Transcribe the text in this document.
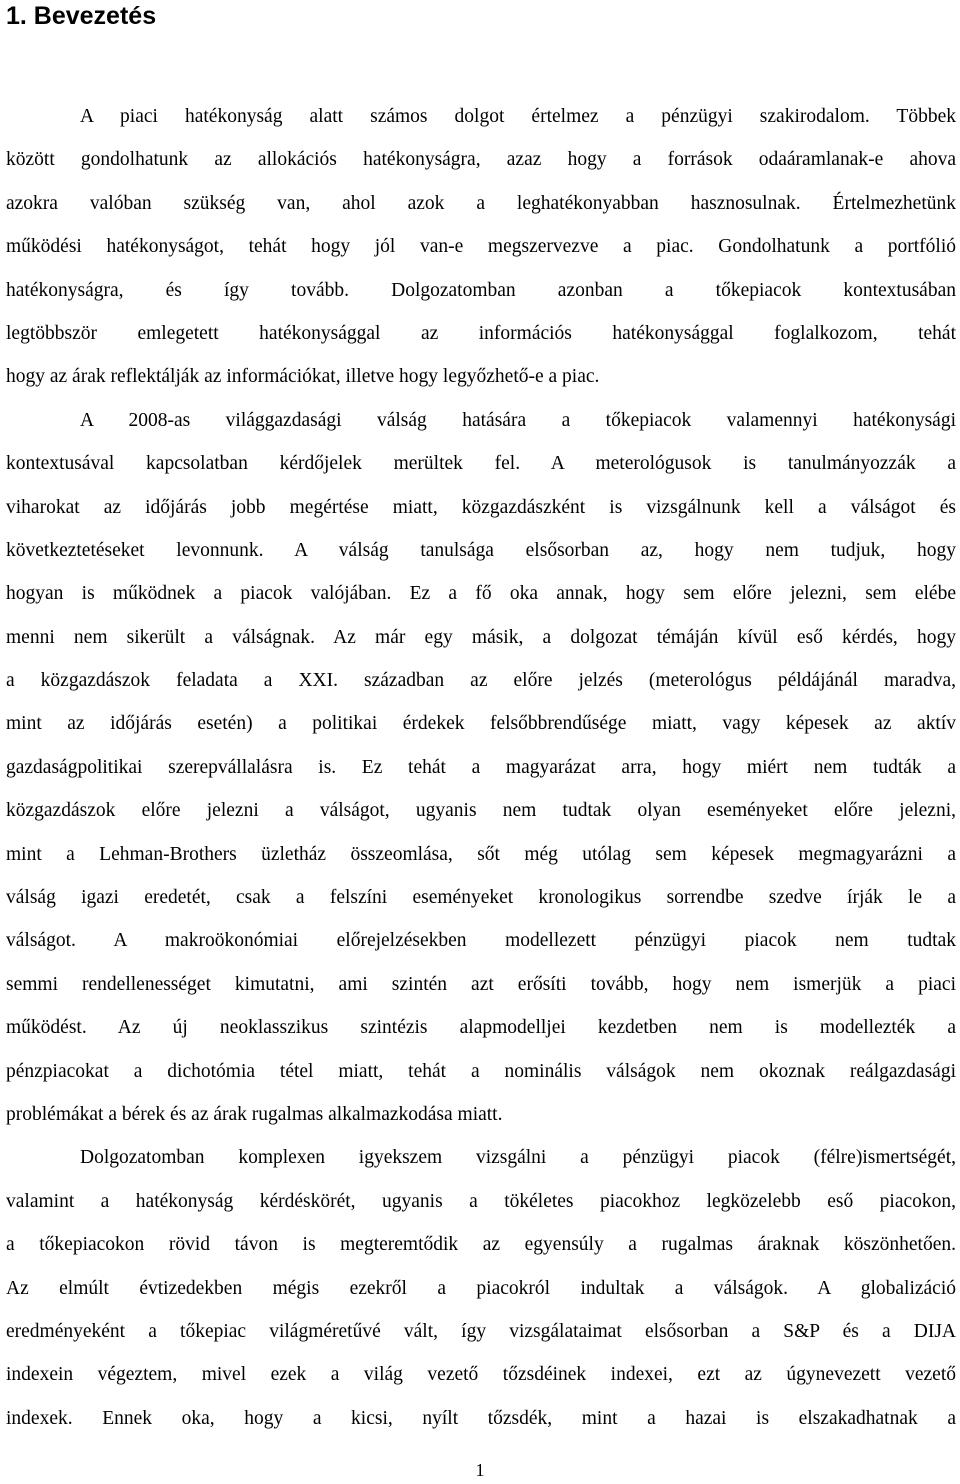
1. Bevezetés
A piaci hatékonyság alatt számos dolgot értelmez a pénzügyi szakirodalom. Többek
között gondolhatunk az allokációs hatékonyságra, azaz hogy a források odaáramlanak-e ahova
azokra valóban szükség van, ahol azok a leghatékonyabban hasznosulnak. Értelmezhetünk
működési hatékonyságot, tehát hogy jól van-e megszervezve a piac. Gondolhatunk a portfólió
hatékonyságra, és így tovább. Dolgozatomban azonban a tőkepiacok kontextusában
legtöbbször emlegetett hatékonysággal az információs hatékonysággal foglalkozom, tehát
hogy az árak reflektálják az információkat, illetve hogy legyőzhető-e a piac.
A 2008-as világgazdasági válság hatására a tőkepiacok valamennyi hatékonysági
kontextusával kapcsolatban kérdőjelek merültek fel. A meterológusok is tanulmányozzák a
viharokat az időjárás jobb megértése miatt, közgazdászként is vizsgálnunk kell a válságot és
következtetéseket levonnunk. A válság tanulsága elsősorban az, hogy nem tudjuk, hogy
hogyan is működnek a piacok valójában. Ez a fő oka annak, hogy sem előre jelezni, sem elébe
menni nem sikerült a válságnak. Az már egy másik, a dolgozat témáján kívül eső kérdés, hogy
a közgazdászok feladata a XXI. században az előre jelzés (meterológus példájánál maradva,
mint az időjárás esetén) a politikai érdekek felsőbbrendűsége miatt, vagy képesek az aktív
gazdaságpolitikai szerepvállalásra is. Ez tehát a magyarázat arra, hogy miért nem tudták a
közgazdászok előre jelezni a válságot, ugyanis nem tudtak olyan eseményeket előre jelezni,
mint a Lehman-Brothers üzletház összeomlása, sőt még utólag sem képesek megmagyarázni a
válság igazi eredetét, csak a felszíni eseményeket kronologikus sorrendbe szedve írják le a
válságot. A makroökonómiai előrejelzésekben modellezett pénzügyi piacok nem tudtak
semmi rendellenességet kimutatni, ami szintén azt erősíti tovább, hogy nem ismerjük a piaci
működést. Az új neoklasszikus szintézis alapmodelljei kezdetben nem is modellezték a
pénzpiacokat a dichotómia tétel miatt, tehát a nominális válságok nem okoznak reálgazdasági
problémákat a bérek és az árak rugalmas alkalmazkodása miatt.
Dolgozatomban komplexen igyekszem vizsgálni a pénzügyi piacok (félre)ismertségét,
valamint a hatékonyság kérdéskörét, ugyanis a tökéletes piacokhoz legközelebb eső piacokon,
a tőkepiacokon rövid távon is megteremtődik az egyensúly a rugalmas áraknak köszönhetően.
Az elmúlt évtizedekben mégis ezekről a piacokról indultak a válságok. A globalizáció
eredményeként a tőkepiac világméretűvé vált, így vizsgálataimat elsősorban a S&P és a DIJA
indexein végeztem, mivel ezek a világ vezető tőzsdéinek indexei, ezt az úgynevezett vezető
indexek. Ennek oka, hogy a kicsi, nyílt tőzsdék, mint a hazai is elszakadhatnak a
1
